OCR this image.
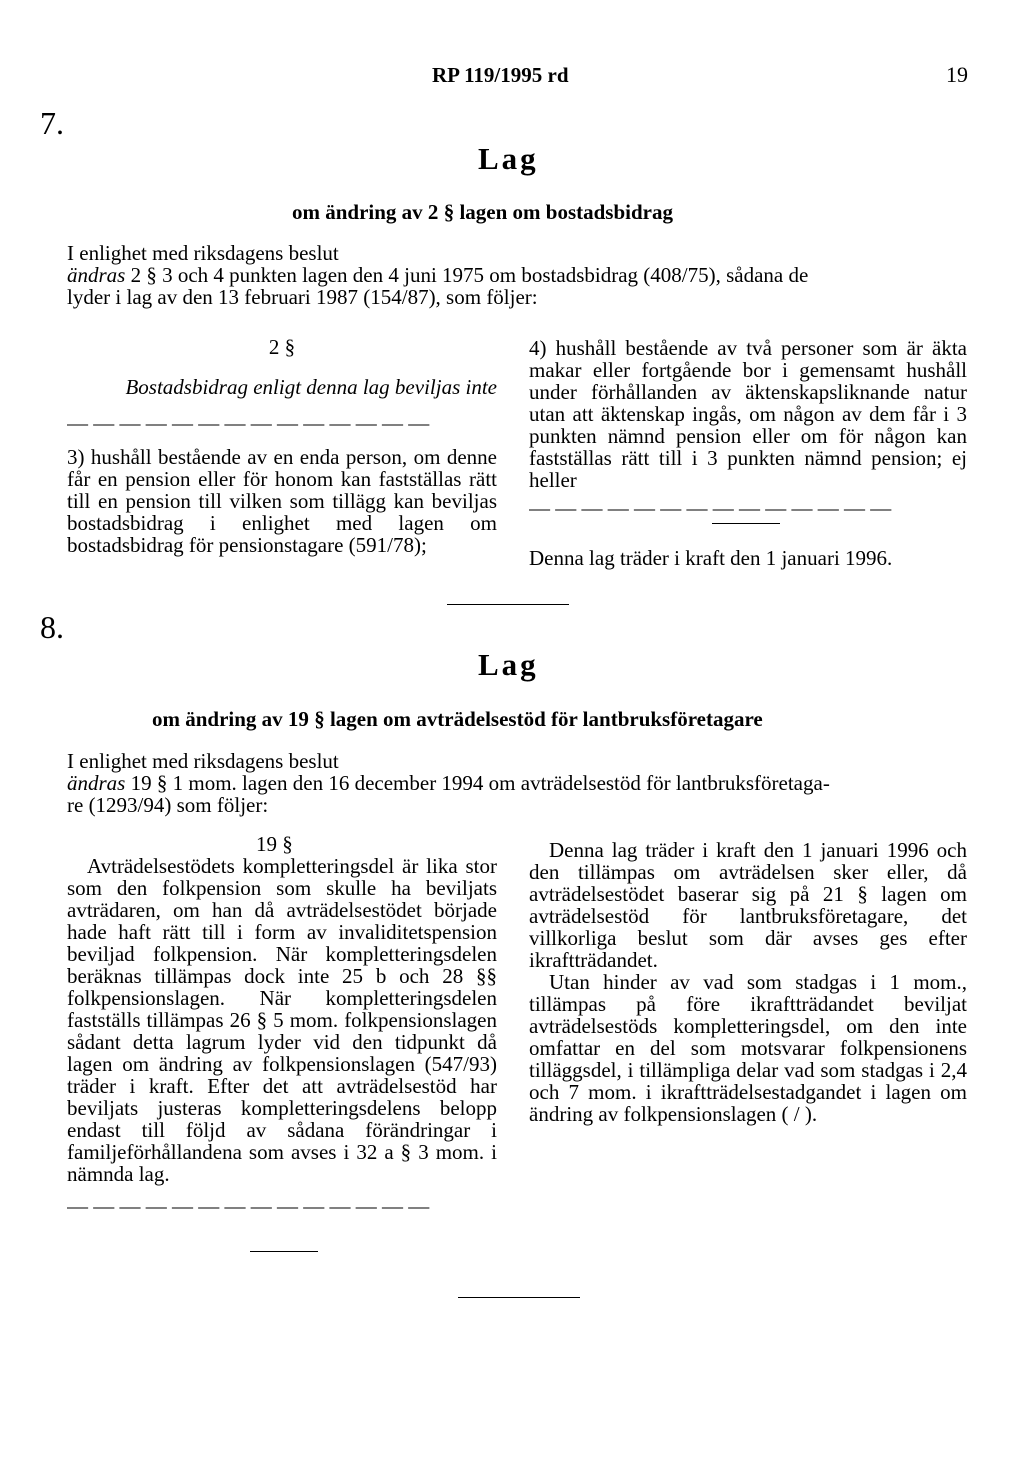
RP 119/1995 rd	19
7.
Lag
om ändring av 2 § lagen om bostadsbidrag

I enlighet med riksdagens beslut

ändras 2 § 3 och 4 punkten lagen den 4 juni 1975 om bostadsbidrag (408/75), sådana de

lyder i lag av den 13 februari 1987 (154/87), som följer:

2 §

Bostadsbidrag enligt denna lag beviljas inte

— — — — — — — — — — — — — —

3) hushåll bestående av en enda person, om denne får en pension eller för honom kan fastställas rätt till en pension till vilken som tillägg kan beviljas bostadsbidrag i enlighet med lagen om bostadsbidrag för pensionstagare (591/78);

4) hushåll bestående av två personer som är äkta makar eller fortgående bor i gemensamt hushåll under förhållanden av äktenskapsliknande natur utan att äktenskap ingås, om någon av dem får i 3 punkten nämnd pension eller om för någon kan fastställas rätt till i 3 punkten nämnd pension; ej heller

— — — — — — — — — — — — — —

Denna lag träder i kraft den 1 januari 1996.

8.
Lag
om ändring av 19 § lagen om avträdelsestöd för lantbruksföretagare

I enlighet med riksdagens beslut

ändras 19 § 1 mom. lagen den 16 december 1994 om avträdelsestöd för lantbruksföretaga-

re (1293/94) som följer:

19 §

Avträdelsestödets kompletteringsdel är lika stor som den folkpension som skulle ha beviljats avträdaren, om han då avträdelsestödet började hade haft rätt till i form av invaliditetspension beviljad folkpension. När kompletteringsdelen beräknas tillämpas dock inte 25 b och 28 §§ folkpensionslagen. När kompletteringsdelen fastställs tillämpas 26 § 5 mom. folkpensionslagen sådant detta lagrum lyder vid den tidpunkt då lagen om ändring av folkpensionslagen (547/93) träder i kraft. Efter det att avträdelsestöd har beviljats justeras kompletteringsdelens belopp endast till följd av sådana förändringar i familjeförhållandena som avses i 32 a § 3 mom. i nämnda lag.

— — — — — — — — — — — — — —

Denna lag träder i kraft den 1 januari 1996 och den tillämpas om avträdelsen sker eller, då avträdelsestödet baserar sig på 21 § lagen om avträdelsestöd för lantbruksföretagare, det villkorliga beslut som där avses ges efter ikraftträdandet.

Utan hinder av vad som stadgas i 1 mom., tillämpas på före ikraftträdandet beviljat avträdelsestöds kompletteringsdel, om den inte omfattar en del som motsvarar folkpensionens tilläggsdel, i tillämpliga delar vad som stadgas i 2,4 och 7 mom. i ikraftträdelsestadgandet i lagen om ändring av folkpensionslagen ( / ).
